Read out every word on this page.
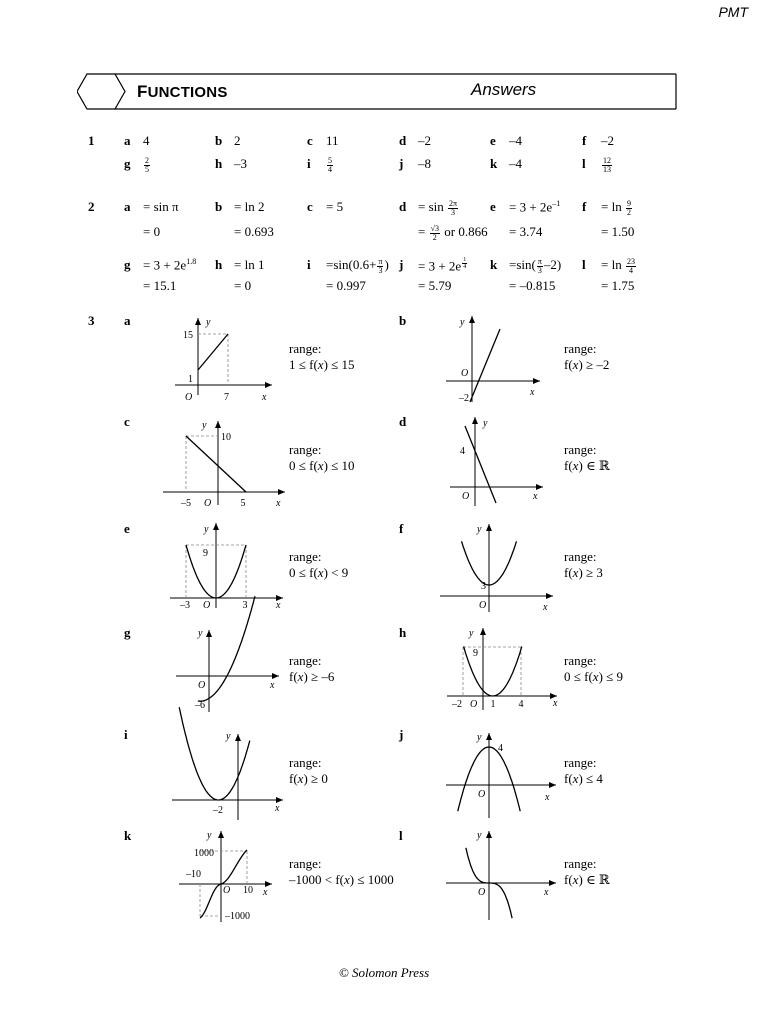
PMT
FUNCTIONS	Answers
1 a 4	b 2	c 11	d –2	e –4	f –2
g $\frac{2}{5}$	h –3	i $\frac{5}{4}$	j –8	k –4	l $\frac{12}{13}$
2 a = sin π
= 0
b = ln 2
= 0.693
c = 5	$d = \sin \frac{2\pi}{3}$
= $\frac{√3}{2}$ or 0.866
$e = 3 + 2e^{-1}$
= 3.74
$f = \ln \frac{9}{2}$
= 1.50
$g = 3 + 2e^{1.8}$
= 15.1
h = ln 1
= 0
$i =\sin(0.6+ \frac{\pi}{3}$ )
= 0.997
j = 3 + 2e $^{\frac{1}{4}}$
= 5.79
$k =\sin( \frac{\pi}{3} -2)$
= –0.815
$l = \ln \frac{23}{4}$
= 1.75
3 a
range:
1 ≤ f(x) ≤ 15
b
range:
f(x) ≥ –2
c
range:
0 ≤ f(x) ≤ 10
d
range:
f(x) ∈ ℝ
e
range:
0 ≤ f(x) < 9
f
range:
f(x) ≥ 3
g
range:
f(x) ≥ –6
h
range:
0 ≤ f(x) ≤ 9
i
range:
f(x) ≥ 0
j
range:
f(x) ≤ 4
k
range:
–1000 < f(x) ≤ 1000
l
range:
f(x) ∈ ℝ
x
y
O
15
1
7	x
y
O
–2
x
y
O
10
–5	5
x
y
O
4
x
y
O
9
–3	3	x
y
O
3
x
y
O
–6	x
y
O
9
–2	1 4
x
y
–2
x
y
O
4
x
y
O
1000
–10
10
–1000
x
y
O
© Solomon Press
